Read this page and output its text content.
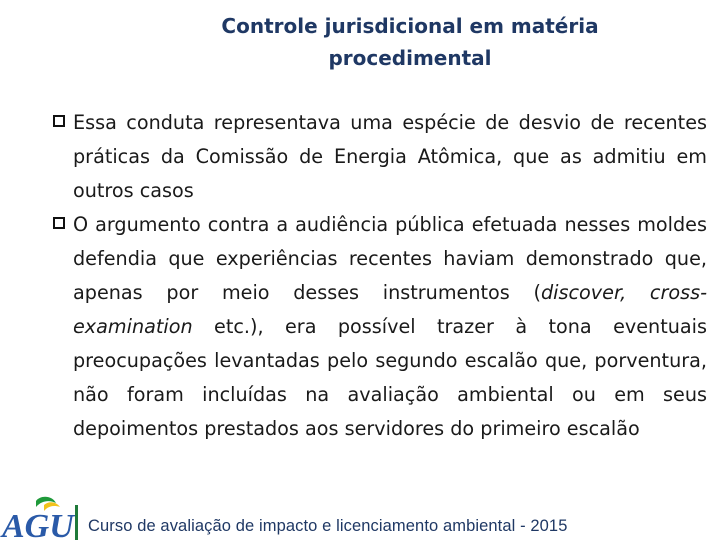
Controle jurisdicional em matéria
procedimental
Essa conduta representava uma espécie de desvio de recentes práticas da Comissão de Energia Atômica, que as admitiu em outros casos
O argumento contra a audiência pública efetuada nesses moldes defendia que experiências recentes haviam demonstrado que, apenas por meio desses instrumentos (discover, cross-examination etc.), era possível trazer à tona eventuais preocupações levantadas pelo segundo escalão que, porventura, não foram incluídas na avaliação ambiental ou em seus depoimentos prestados aos servidores do primeiro escalão
AGU Curso de avaliação de impacto e licenciamento ambiental - 2015
